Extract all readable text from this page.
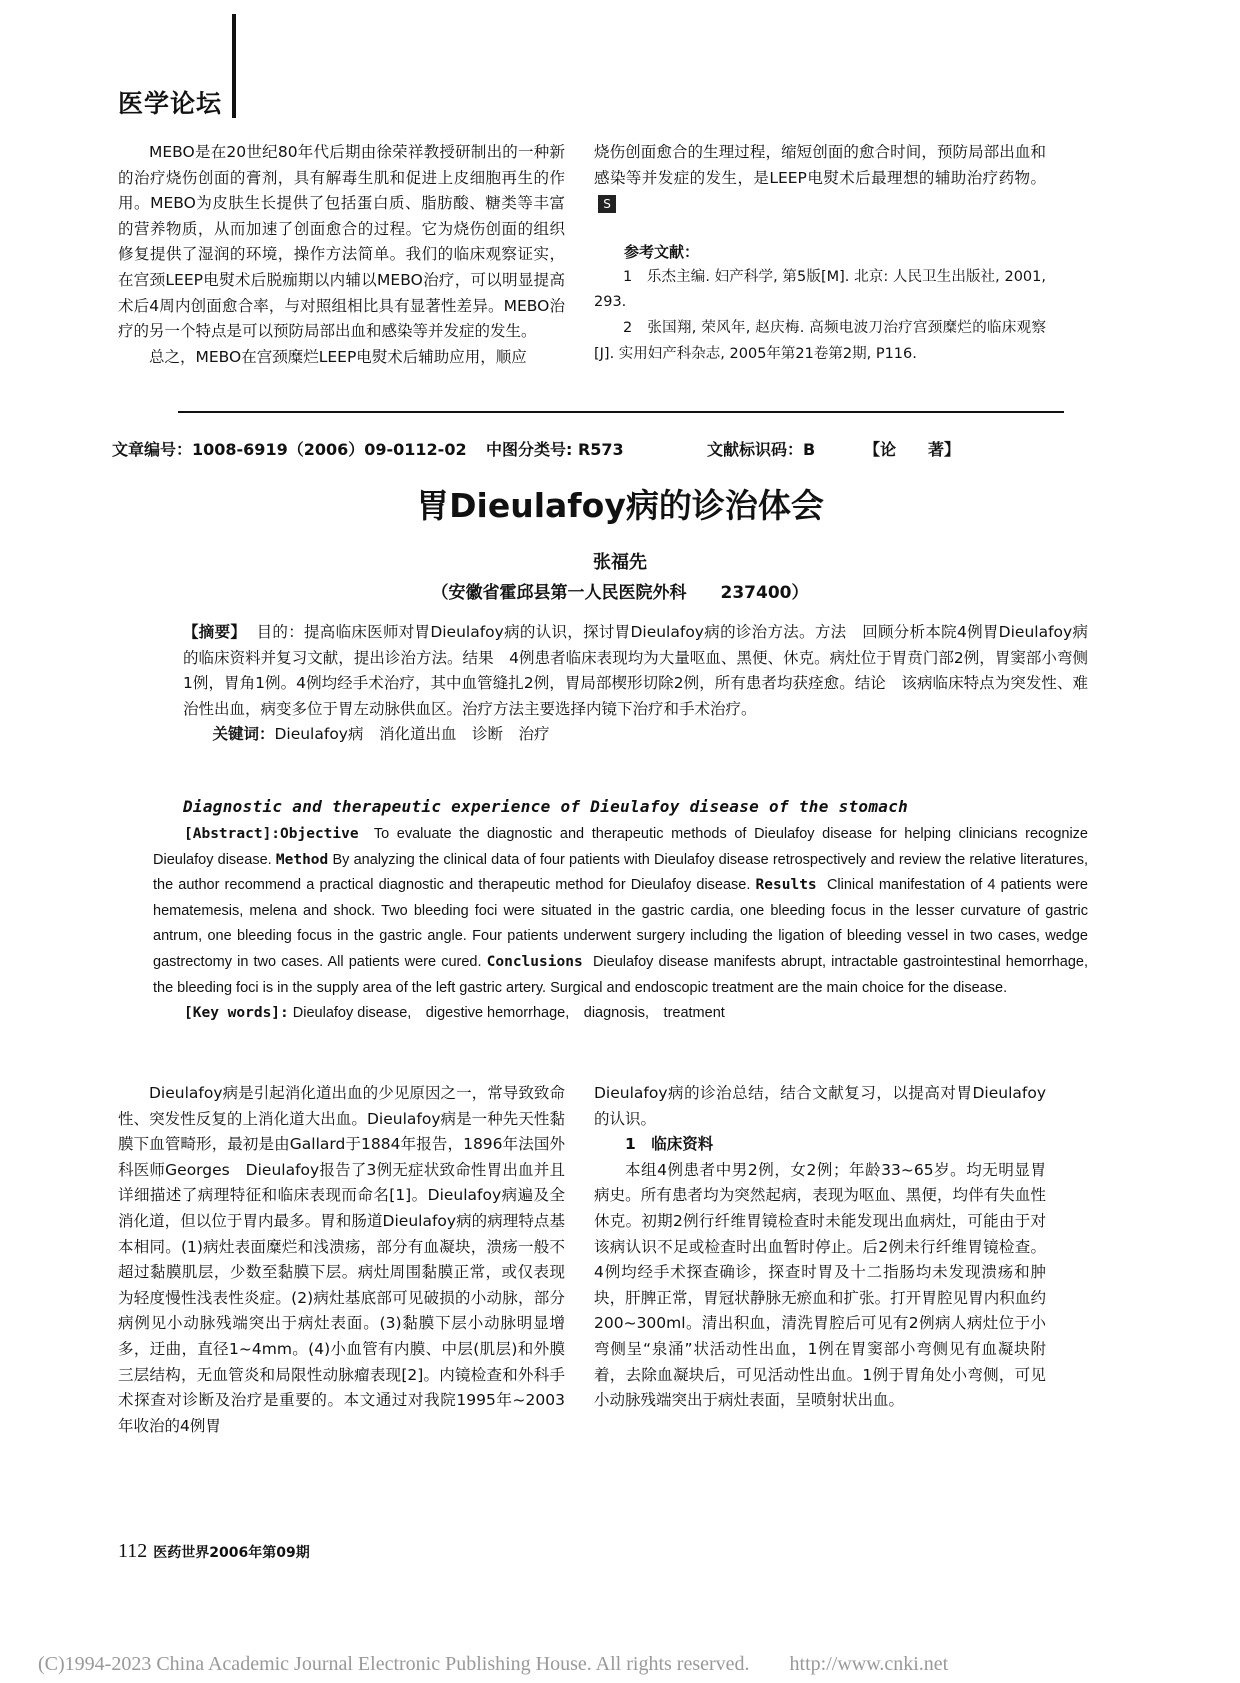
医学论坛

MEBO是在20世纪80年代后期由徐荣祥教授研制出的一种新的治疗烧伤创面的膏剂，具有解毒生肌和促进上皮细胞再生的作用。MEBO为皮肤生长提供了包括蛋白质、脂肪酸、糖类等丰富的营养物质，从而加速了创面愈合的过程。它为烧伤创面的组织修复提供了湿润的环境，操作方法简单。我们的临床观察证实，在宫颈LEEP电熨术后脱痂期以内辅以MEBO治疗，可以明显提高术后4周内创面愈合率，与对照组相比具有显著性差异。MEBO治疗的另一个特点是可以预防局部出血和感染等并发症的发生。

总之，MEBO在宫颈糜烂LEEP电熨术后辅助应用，顺应

烧伤创面愈合的生理过程，缩短创面的愈合时间，预防局部出血和感染等并发症的发生，是LEEP电熨术后最理想的辅助治疗药物。S

参考文献：

1　乐杰主编. 妇产科学, 第5版[M]. 北京: 人民卫生出版社, 2001, 293.

2　张国翔, 荣风年, 赵庆梅. 高频电波刀治疗宫颈糜烂的临床观察[J]. 实用妇产科杂志, 2005年第21卷第2期, P116.

文章编号：1008-6919（2006）09-0112-02 中图分类号: R573	文献标识码：B	【论　　著】
胃Dieulafoy病的诊治体会
张福先
（安徽省霍邱县第一人民医院外科　　237400）

【摘要】 目的：提高临床医师对胃Dieulafoy病的认识，探讨胃Dieulafoy病的诊治方法。方法　回顾分析本院4例胃Dieulafoy病的临床资料并复习文献，提出诊治方法。结果　4例患者临床表现均为大量呕血、黑便、休克。病灶位于胃贲门部2例，胃窦部小弯侧1例，胃角1例。4例均经手术治疗，其中血管缝扎2例，胃局部楔形切除2例，所有患者均获痊愈。结论　该病临床特点为突发性、难治性出血，病变多位于胃左动脉供血区。治疗方法主要选择内镜下治疗和手术治疗。

关键词：Dieulafoy病　消化道出血　诊断　治疗

Diagnostic and therapeutic experience of Dieulafoy disease of the stomach

[Abstract]:Objective To evaluate the diagnostic and therapeutic methods of Dieulafoy disease for helping clinicians recognize Dieulafoy disease. Method By analyzing the clinical data of four patients with Dieulafoy disease retrospectively and review the relative literatures, the author recommend a practical diagnostic and therapeutic method for Dieulafoy disease. Results Clinical manifestation of 4 patients were hematemesis, melena and shock. Two bleeding foci were situated in the gastric cardia, one bleeding focus in the lesser curvature of gastric antrum, one bleeding focus in the gastric angle. Four patients underwent surgery including the ligation of bleeding vessel in two cases, wedge gastrectomy in two cases. All patients were cured. Conclusions Dieulafoy disease manifests abrupt, intractable gastrointestinal hemorrhage, the bleeding foci is in the supply area of the left gastric artery. Surgical and endoscopic treatment are the main choice for the disease.

[Key words]: Dieulafoy disease,　digestive hemorrhage,　diagnosis,　treatment

Dieulafoy病是引起消化道出血的少见原因之一，常导致致命性、突发性反复的上消化道大出血。Dieulafoy病是一种先天性黏膜下血管畸形，最初是由Gallard于1884年报告，1896年法国外科医师Georges　Dieulafoy报告了3例无症状致命性胃出血并且详细描述了病理特征和临床表现而命名[1]。Dieulafoy病遍及全消化道，但以位于胃内最多。胃和肠道Dieulafoy病的病理特点基本相同。(1)病灶表面糜烂和浅溃疡，部分有血凝块，溃疡一般不超过黏膜肌层，少数至黏膜下层。病灶周围黏膜正常，或仅表现为轻度慢性浅表性炎症。(2)病灶基底部可见破损的小动脉，部分病例见小动脉残端突出于病灶表面。(3)黏膜下层小动脉明显增多，迂曲，直径1~4mm。(4)小血管有内膜、中层(肌层)和外膜三层结构，无血管炎和局限性动脉瘤表现[2]。内镜检查和外科手术探查对诊断及治疗是重要的。本文通过对我院1995年~2003年收治的4例胃

Dieulafoy病的诊治总结，结合文献复习，以提高对胃Dieulafoy的认识。

1　临床资料

本组4例患者中男2例，女2例；年龄33~65岁。均无明显胃病史。所有患者均为突然起病，表现为呕血、黑便，均伴有失血性休克。初期2例行纤维胃镜检查时未能发现出血病灶，可能由于对该病认识不足或检查时出血暂时停止。后2例未行纤维胃镜检查。4例均经手术探查确诊，探查时胃及十二指肠均未发现溃疡和肿块，肝脾正常，胃冠状静脉无瘀血和扩张。打开胃腔见胃内积血约200~300ml。清出积血，清洗胃腔后可见有2例病人病灶位于小弯侧呈“泉涌”状活动性出血，1例在胃窦部小弯侧见有血凝块附着，去除血凝块后，可见活动性出血。1例于胃角处小弯侧，可见小动脉残端突出于病灶表面，呈喷射状出血。

112 医药世界2006年第09期
(C)1994-2023 China Academic Journal Electronic Publishing House. All rights reserved.　　http://www.cnki.net
